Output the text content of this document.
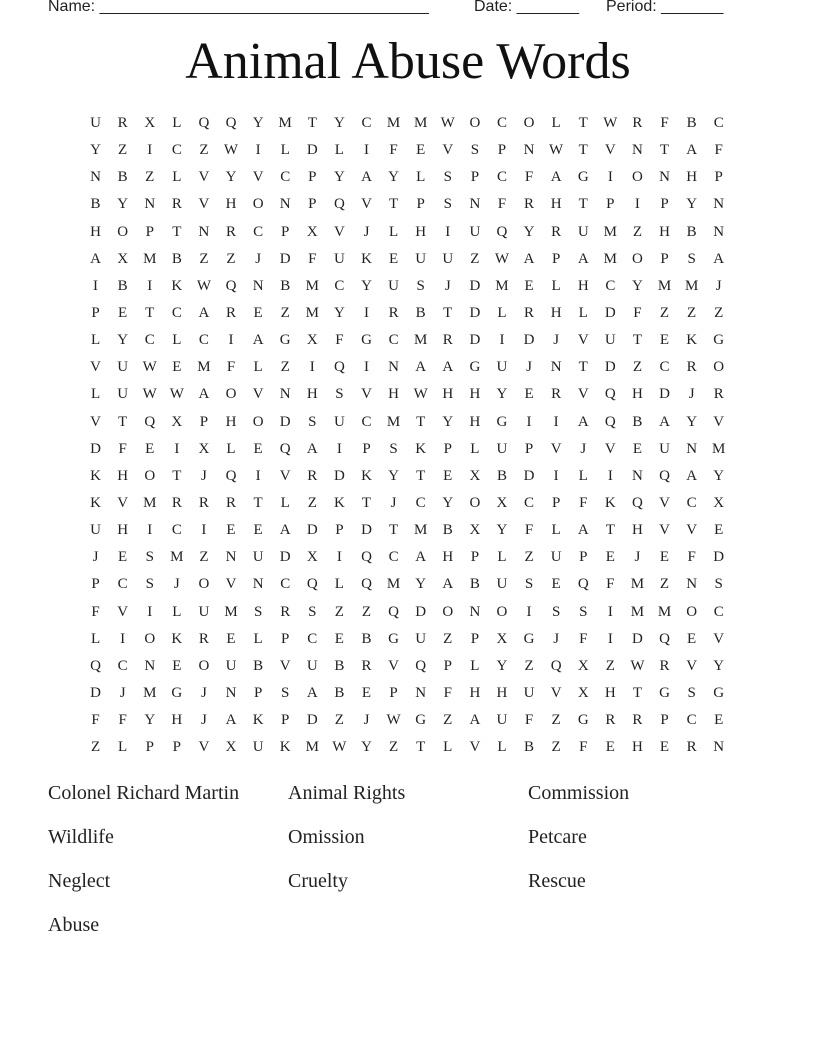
Name: _____________________________________	Date: _______ Period: _______
Animal Abuse Words
U	R	X	L	Q	Q	Y	M	T	Y	C	M M W O	C	O	L	T	W	R	F	B	C
Y	Z	I	C	Z	W	I	L	D	L	I	F	E	V	S	P	N W	T	V	N	T	A	F
N	B	Z	L	V	Y	V	C	P	Y	A	Y	L	S	P	C	F	A	G	I	O	N	H	P
B	Y	N	R	V	H	O	N	P	Q	V	T	P	S	N	F	R	H	T	P	I	P	Y	N
H	O	P	T	N	R	C	P	X	V	J	L	H	I	U	Q	Y	R	U	M	Z	H	B	N
A	X	M	B	Z	Z	J	D	F	U	K	E	U	U	Z	W A	P	A	M	O	P	S	A
I	B	I	K W Q	N	B	M	C	Y	U	S	J	D	M	E	L	H	C	Y	M M	J
P	E	T	C	A	R	E	Z	M	Y	I	R	B	T	D	L	R	H	L	D	F	Z	Z	Z
L	Y	C	L	C	I	A	G	X	F	G	C	M	R	D	I	D	J	V	U	T	E	K	G
V	U W	E	M	F	L	Z	I	Q	I	N	A	A	G	U	J	N	T	D	Z	C	R	O
L	U W W A	O	V	N	H	S	V	H W H	H	Y	E	R	V	Q	H	D	J	R
V	T	Q	X	P	H	O	D	S	U	C	M	T	Y	H	G	I	I	A	Q	B	A	Y	V
D	F	E	I	X	L	E	Q	A	I	P	S	K	P	L	U	P	V	J	V	E	U	N	M
K	H	O	T	J	Q	I	V	R	D	K	Y	T	E	X	B	D	I	L	I	N	Q	A	Y
K	V	M	R	R	R	T	L	Z	K	T	J	C	Y	O	X	C	P	F	K	Q	V	C	X
U	H	I	C	I	E	E	A	D	P	D	T	M	B	X	Y	F	L	A	T	H	V	V	E
J	E	S	M	Z	N	U	D	X	I	Q	C	A	H	P	L	Z	U	P	E	J	E	F	D
P	C	S	J	O	V	N	C	Q	L	Q	M	Y	A	B	U	S	E	Q	F	M	Z	N	S
F	V	I	L	U	M	S	R	S	Z	Z	Q	D	O	N	O	I	S	S	I	M M	O	C
L	I	O	K	R	E	L	P	C	E	B	G	U	Z	P	X	G	J	F	I	D	Q	E	V
Q	C	N	E	O	U	B	V	U	B	R	V	Q	P	L	Y	Z	Q	X	Z	W	R	V	Y
D	J	M	G	J	N	P	S	A	B	E	P	N	F	H	H	U	V	X	H	T	G	S	G
F	F	Y	H	J	A	K	P	D	Z	J	W G	Z	A	U	F	Z	G	R	R	P	C	E
Z	L	P	P	V	X	U	K	M W Y	Z	T	L	V	L	B	Z	F	E	H	E	R	N
Colonel Richard Martin	Animal Rights	Commission
Wildlife	Omission	Petcare
Neglect	Cruelty	Rescue
Abuse
